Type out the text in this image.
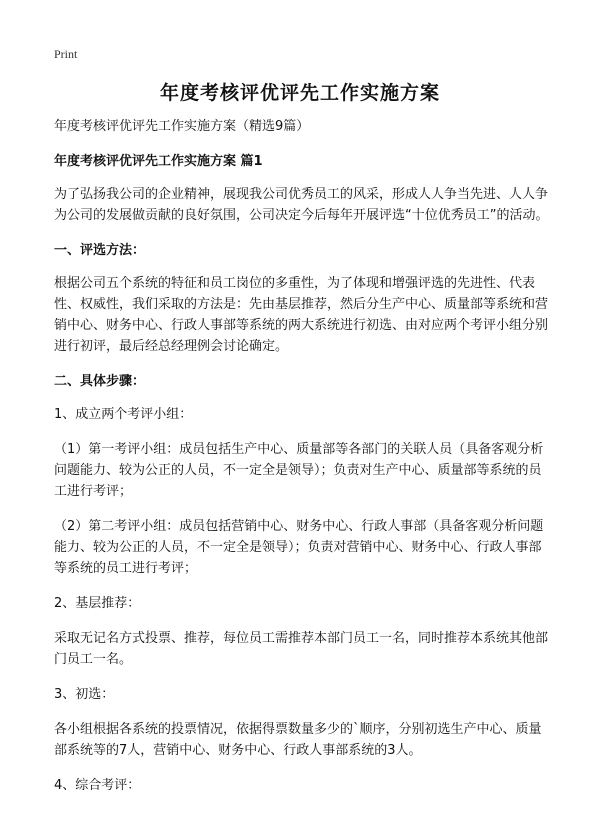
Print
年度考核评优评先工作实施方案

年度考核评优评先工作实施方案（精选9篇）

年度考核评优评先工作实施方案 篇1

为了弘扬我公司的企业精神，展现我公司优秀员工的风采，形成人人争当先进、人人争为公司的发展做贡献的良好氛围，公司决定今后每年开展评选“十位优秀员工”的活动。

一、评选方法：

根据公司五个系统的特征和员工岗位的多重性，为了体现和增强评选的先进性、代表性、权威性，我们采取的方法是：先由基层推荐，然后分生产中心、质量部等系统和营销中心、财务中心、行政人事部等系统的两大系统进行初选、由对应两个考评小组分别进行初评，最后经总经理例会讨论确定。

二、具体步骤：

1、成立两个考评小组：

（1）第一考评小组：成员包括生产中心、质量部等各部门的关联人员（具备客观分析问题能力、较为公正的人员，不一定全是领导）；负责对生产中心、质量部等系统的员工进行考评；

（2）第二考评小组：成员包括营销中心、财务中心、行政人事部（具备客观分析问题能力、较为公正的人员，不一定全是领导）；负责对营销中心、财务中心、行政人事部等系统的员工进行考评；

2、基层推荐：

采取无记名方式投票、推荐，每位员工需推荐本部门员工一名，同时推荐本系统其他部门员工一名。

3、初选：

各小组根据各系统的投票情况，依据得票数量多少的`顺序，分别初选生产中心、质量部系统等的7人，营销中心、财务中心、行政人事部系统的3人。

4、综合考评：
